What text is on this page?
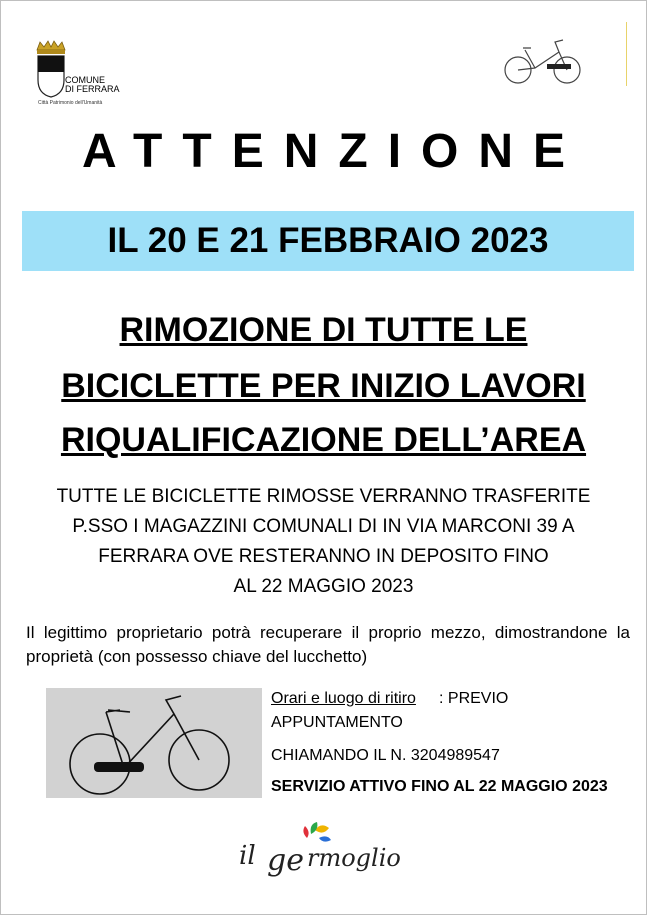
COMUNE
DI FERRARA
Città Patrimonio dell'Umanità
ATTENZIONE
IL 20 E 21 FEBBRAIO 2023
RIMOZIONE DI TUTTE LE
BICICLETTE PER INIZIO LAVORI
RIQUALIFICAZIONE DELL’AREA
TUTTE LE BICICLETTE RIMOSSE VERRANNO TRASFERITE
P.SSO I MAGAZZINI COMUNALI DI IN VIA MARCONI 39 A
FERRARA OVE RESTERANNO IN DEPOSITO FINO
AL 22 MAGGIO 2023
Il legittimo proprietario potrà recuperare il proprio mezzo, dimostrandone la proprietà (con possesso chiave del lucchetto)
Orari e luogo di ritiro : PREVIO
APPUNTAMENTO
CHIAMANDO IL N. 3204989547
SERVIZIO ATTIVO FINO AL 22 MAGGIO 2023
il ge rmoglio
